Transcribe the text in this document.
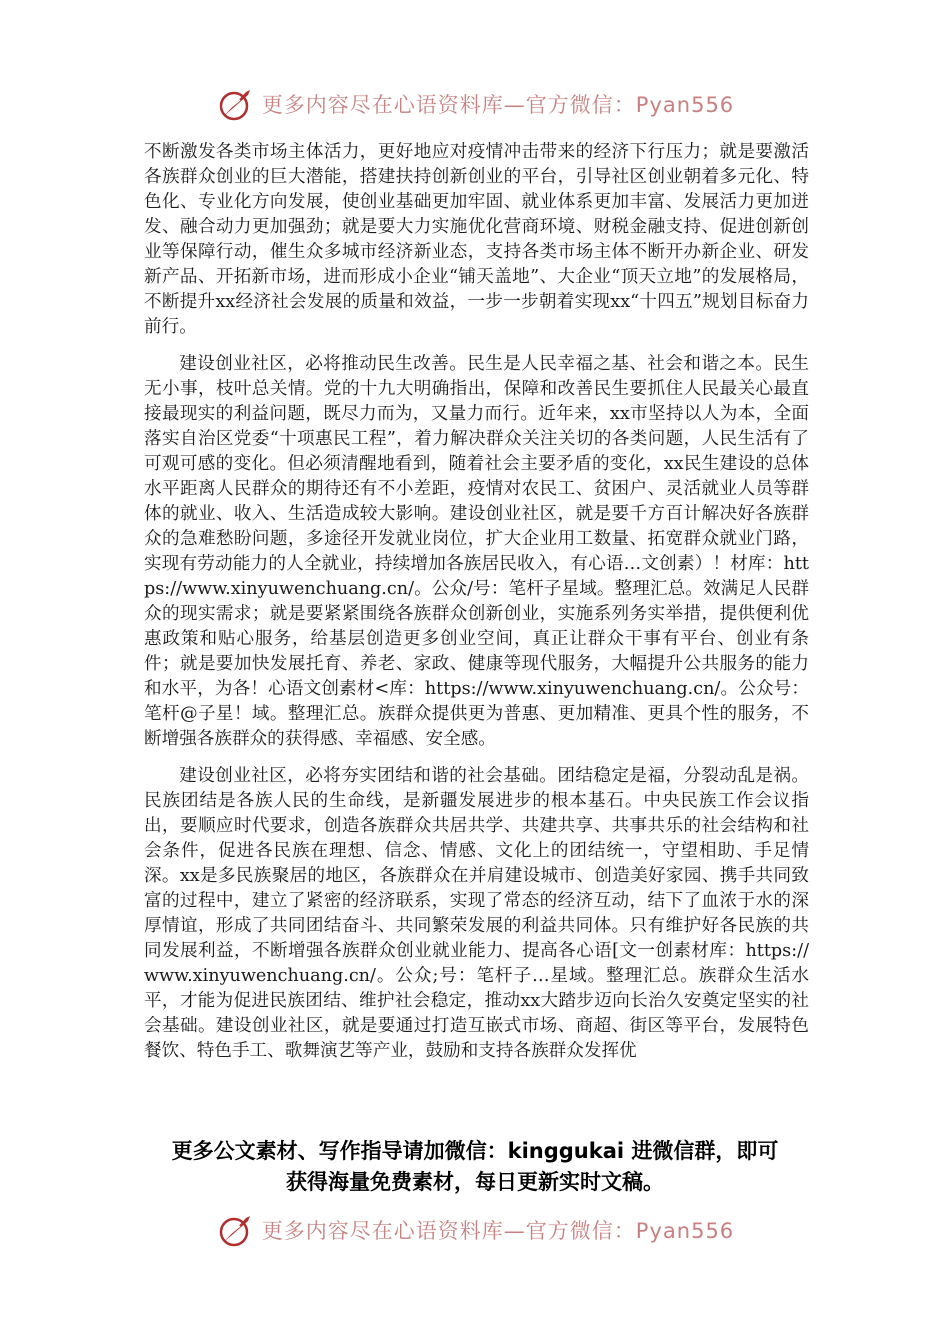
更多内容尽在心语资料库—官方微信：Pyan556

不断激发各类市场主体活力，更好地应对疫情冲击带来的经济下行压力；就是要激活各族群众创业的巨大潜能，搭建扶持创新创业的平台，引导社区创业朝着多元化、特色化、专业化方向发展，使创业基础更加牢固、就业体系更加丰富、发展活力更加迸发、融合动力更加强劲；就是要大力实施优化营商环境、财税金融支持、促进创新创业等保障行动，催生众多城市经济新业态，支持各类市场主体不断开办新企业、研发新产品、开拓新市场，进而形成小企业“铺天盖地”、大企业“顶天立地”的发展格局，不断提升xx经济社会发展的质量和效益，一步一步朝着实现xx“十四五”规划目标奋力前行。

建设创业社区，必将推动民生改善。民生是人民幸福之基、社会和谐之本。民生无小事，枝叶总关情。党的十九大明确指出，保障和改善民生要抓住人民最关心最直接最现实的利益问题，既尽力而为，又量力而行。近年来，xx市坚持以人为本，全面落实自治区党委“十项惠民工程”，着力解决群众关注关切的各类问题，人民生活有了可观可感的变化。但必须清醒地看到，随着社会主要矛盾的变化，xx民生建设的总体水平距离人民群众的期待还有不小差距，疫情对农民工、贫困户、灵活就业人员等群体的就业、收入、生活造成较大影响。建设创业社区，就是要千方百计解决好各族群众的急难愁盼问题，多途径开发就业岗位，扩大企业用工数量、拓宽群众就业门路，实现有劳动能力的人全就业，持续增加各族居民收入，有心语…文创素）！材库：https://www.xinyuwenchuang.cn/。公众/号：笔杆子星域。整理汇总。效满足人民群众的现实需求；就是要紧紧围绕各族群众创新创业，实施系列务实举措，提供便利优惠政策和贴心服务，给基层创造更多创业空间，真正让群众干事有平台、创业有条件；就是要加快发展托育、养老、家政、健康等现代服务，大幅提升公共服务的能力和水平，为各！心语文创素材<库：https://www.xinyuwenchuang.cn/。公众号：笔杆@子星！域。整理汇总。族群众提供更为普惠、更加精准、更具个性的服务，不断增强各族群众的获得感、幸福感、安全感。

建设创业社区，必将夯实团结和谐的社会基础。团结稳定是福，分裂动乱是祸。民族团结是各族人民的生命线，是新疆发展进步的根本基石。中央民族工作会议指出，要顺应时代要求，创造各族群众共居共学、共建共享、共事共乐的社会结构和社会条件，促进各民族在理想、信念、情感、文化上的团结统一，守望相助、手足情深。xx是多民族聚居的地区，各族群众在并肩建设城市、创造美好家园、携手共同致富的过程中，建立了紧密的经济联系，实现了常态的经济互动，结下了血浓于水的深厚情谊，形成了共同团结奋斗、共同繁荣发展的利益共同体。只有维护好各民族的共同发展利益，不断增强各族群众创业就业能力、提高各心语[文一创素材库：https://www.xinyuwenchuang.cn/。公众;号：笔杆子…星域。整理汇总。族群众生活水平，才能为促进民族团结、维护社会稳定，推动xx大踏步迈向长治久安奠定坚实的社会基础。建设创业社区，就是要通过打造互嵌式市场、商超、街区等平台，发展特色餐饮、特色手工、歌舞演艺等产业，鼓励和支持各族群众发挥优

更多公文素材、写作指导请加微信：kinggukai 进微信群，即可
获得海量免费素材，每日更新实时文稿。
更多内容尽在心语资料库—官方微信：Pyan556
